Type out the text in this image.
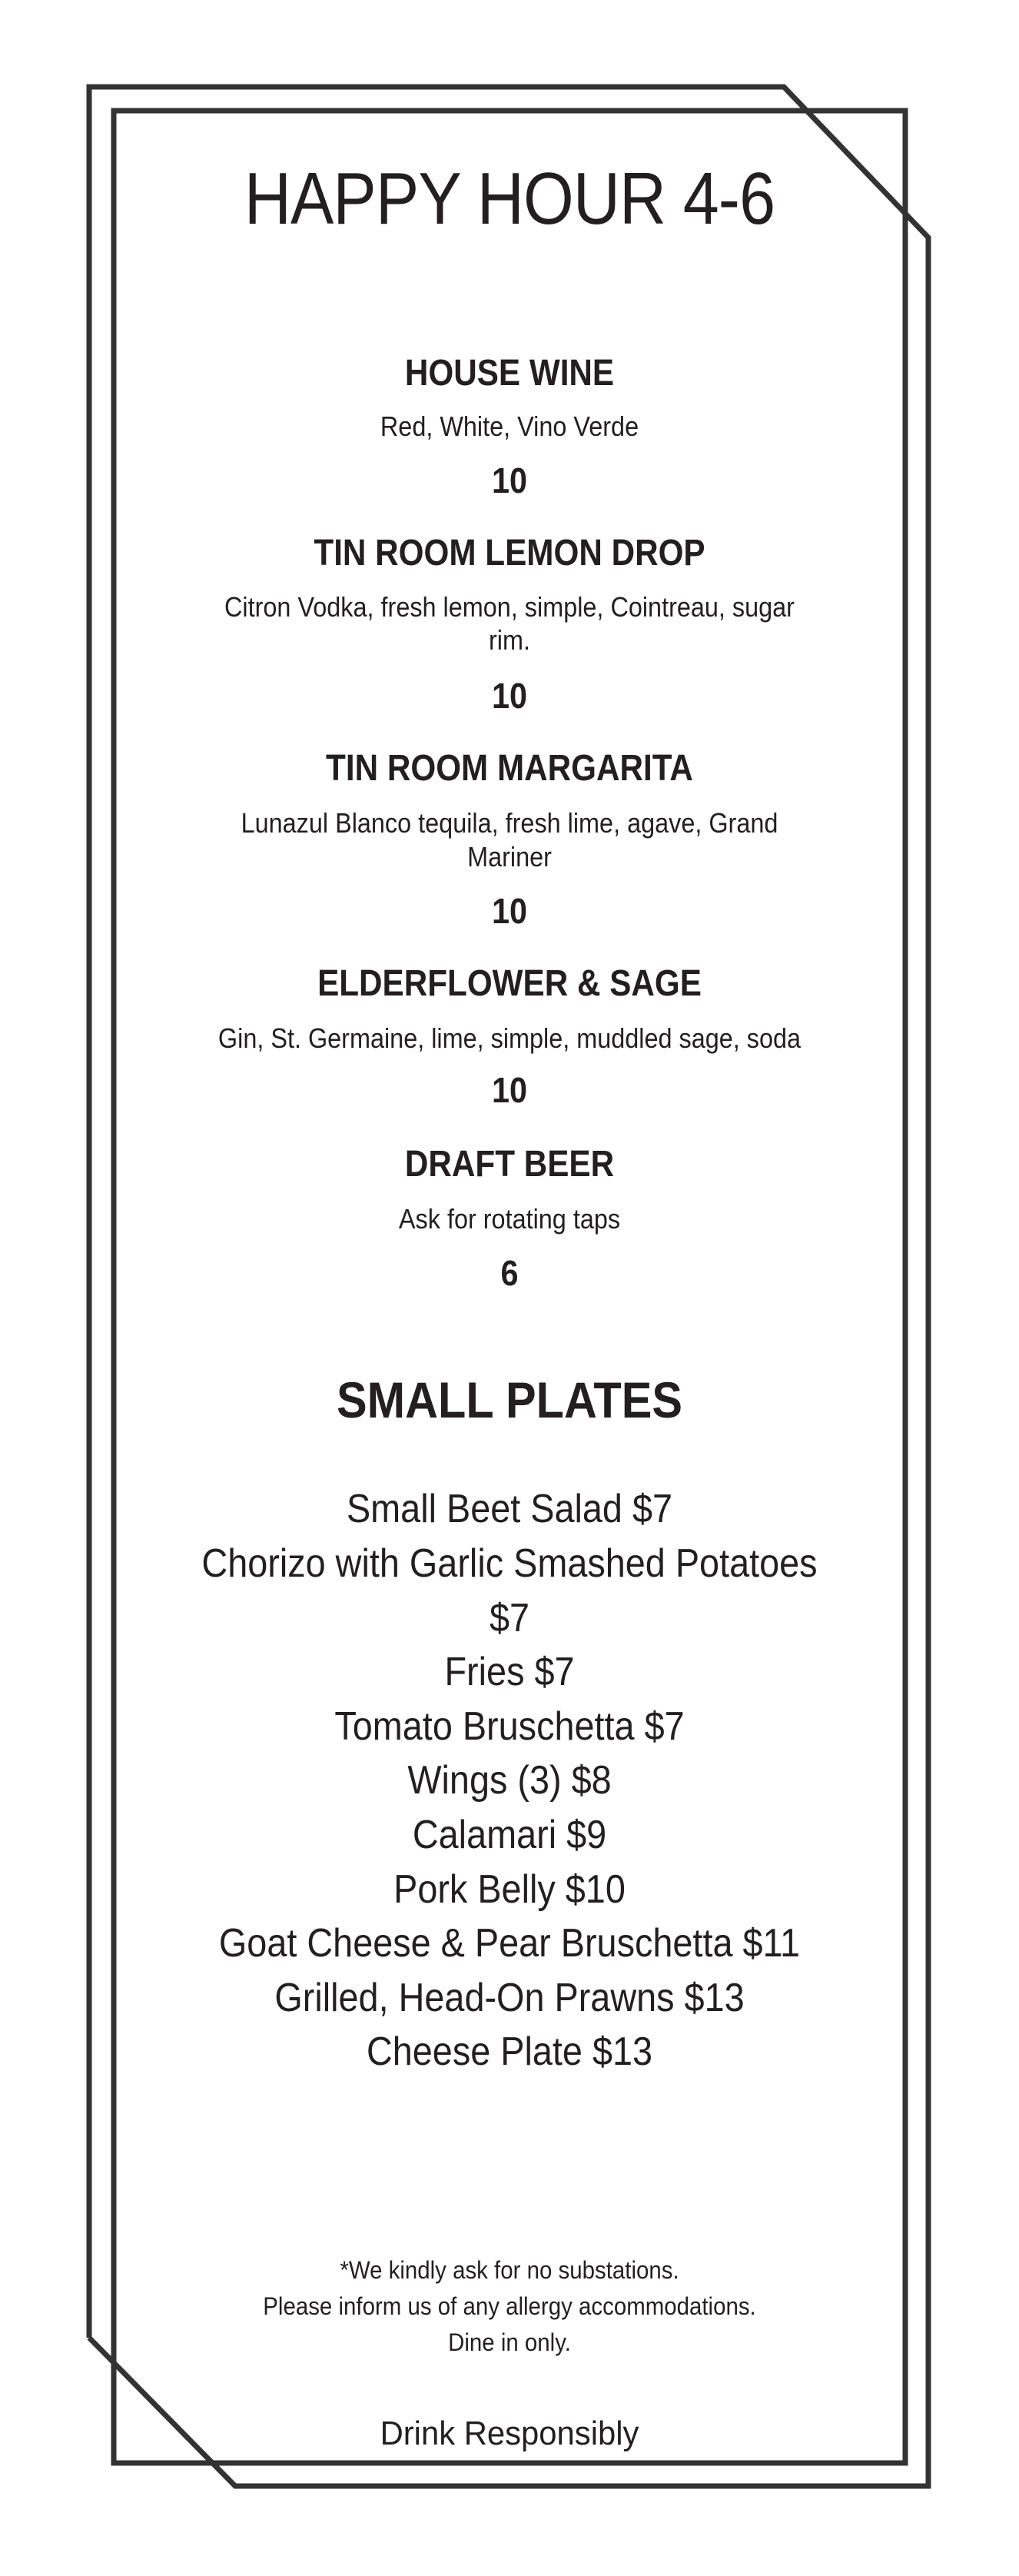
HAPPY HOUR 4-6
HOUSE WINE
Red, White, Vino Verde
10
TIN ROOM LEMON DROP
Citron Vodka, fresh lemon, simple, Cointreau, sugar
rim.
10
TIN ROOM MARGARITA
Lunazul Blanco tequila, fresh lime, agave, Grand
Mariner
10
ELDERFLOWER & SAGE
Gin, St. Germaine, lime, simple, muddled sage, soda
10
DRAFT BEER
Ask for rotating taps
6
SMALL PLATES
Small Beet Salad $7
Chorizo with Garlic Smashed Potatoes
$7
Fries $7
Tomato Bruschetta $7
Wings (3) $8
Calamari $9
Pork Belly $10
Goat Cheese & Pear Bruschetta $11
Grilled, Head-On Prawns $13
Cheese Plate $13
*We kindly ask for no substations.
Please inform us of any allergy accommodations.
Dine in only.
Drink Responsibly
